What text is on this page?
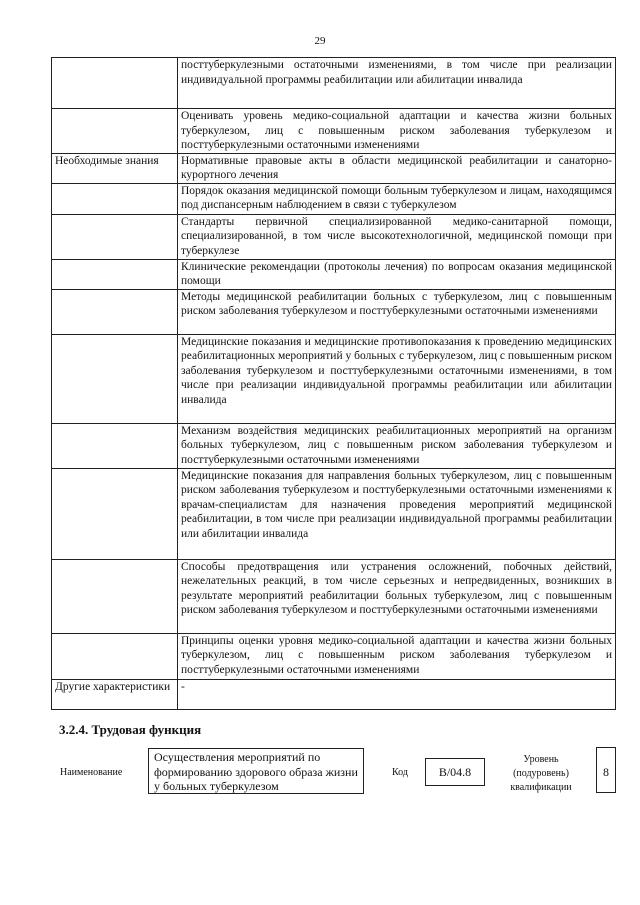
29
	посттуберкулезными остаточными изменениями, в том числе при реализации индивидуальной программы реабилитации или абилитации инвалида
	Оценивать уровень медико-социальной адаптации и качества жизни больных туберкулезом, лиц с повышенным риском заболевания туберкулезом и посттуберкулезными остаточными изменениями
Необходимые знания	Нормативные правовые акты в области медицинской реабилитации и санаторно-курортного лечения
	Порядок оказания медицинской помощи больным туберкулезом и лицам, находящимся под диспансерным наблюдением в связи с туберкулезом
	Стандарты первичной специализированной медико-санитарной помощи, специализированной, в том числе высокотехнологичной, медицинской помощи при туберкулезе
	Клинические рекомендации (протоколы лечения) по вопросам оказания медицинской помощи
	Методы медицинской реабилитации больных с туберкулезом, лиц с повышенным риском заболевания туберкулезом и посттуберкулезными остаточными изменениями
	Медицинские показания и медицинские противопоказания к проведению медицинских реабилитационных мероприятий у больных с туберкулезом, лиц с повышенным риском заболевания туберкулезом и посттуберкулезными остаточными изменениями, в том числе при реализации индивидуальной программы реабилитации или абилитации инвалида
	Механизм воздействия медицинских реабилитационных мероприятий на организм больных туберкулезом, лиц с повышенным риском заболевания туберкулезом и посттуберкулезными остаточными изменениями
	Медицинские показания для направления больных туберкулезом, лиц с повышенным риском заболевания туберкулезом и посттуберкулезными остаточными изменениями к врачам-специалистам для назначения проведения мероприятий медицинской реабилитации, в том числе при реализации индивидуальной программы реабилитации или абилитации инвалида
	Способы предотвращения или устранения осложнений, побочных действий, нежелательных реакций, в том числе серьезных и непредвиденных, возникших в результате мероприятий реабилитации больных туберкулезом, лиц с повышенным риском заболевания туберкулезом и посттуберкулезными остаточными изменениями
	Принципы оценки уровня медико-социальной адаптации и качества жизни больных туберкулезом, лиц с повышенным риском заболевания туберкулезом и посттуберкулезными остаточными изменениями
Другие характеристики	-
3.2.4. Трудовая функция
Наименование
Осуществления мероприятий по формированию здорового образа жизни у больных туберкулезом
Код	B/04.8
Уровень (подуровень) квалификации
8
